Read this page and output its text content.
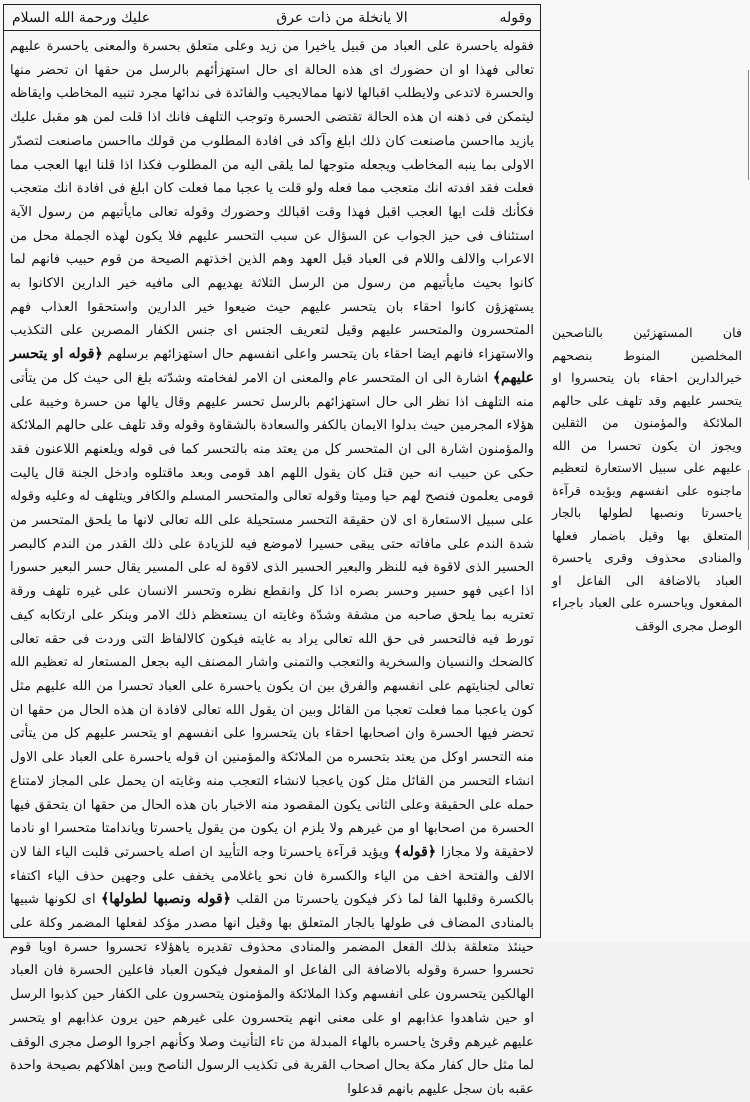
وقوله
الا يانخلة من ذات عرق
عليك ورحمة الله السلام

فقوله ياحسرة على العباد من قبيل ياخيرا من زيد وعلى متعلق بحسرة والمعنى ياحسرة عليهم تعالى فهذا او ان حضورك اى هذه الحالة اى حال استهزأئهم بالرسل من حقها ان تحضر منها والحسرة لاتدعى ولايطلب اقبالها لانها ممالايجيب والفائدة فى ندائها مجرد تنبيه المخاطب وايقاظه ليتمكن فى ذهنه ان هذه الحالة تقتضى الحسرة وتوجب التلهف فانك اذا قلت لمن هو مقبل عليك يازيد مااحسن ماصنعت كان ذلك ابلغ وآكد فى افادة المطلوب من قولك مااحسن ماصنعت لتصدّر الاولى بما ينبه المخاطب ويجعله متوجها لما يلقى اليه من المطلوب فكذا اذا قلنا ايها العجب مما فعلت فقد افدته انك متعجب مما فعله ولو قلت يا عجبا مما فعلت كان ابلغ فى افادة انك متعجب فكأنك قلت ايها العجب اقبل فهذا وقت اقبالك وحضورك وقوله تعالى مايأتيهم من رسول الآية استئناف فى حيز الجواب عن السؤال عن سبب التحسر عليهم فلا يكون لهذه الجملة محل من الاعراب والالف واللام فى العباد قبل العهد وهم الذين اخذتهم الصيحة من قوم حبيب فانهم لما كانوا بحيث مايأتيهم من رسول من الرسل الثلاثة يهديهم الى مافيه خير الدارين الاكانوا به يستهزؤن كانوا احقاء بان يتحسر عليهم حيث ضيعوا خير الدارين واستحقوا العذاب فهم المتحسرون والمتحسر عليهم وقيل لتعريف الجنس اى جنس الكفار المصرين على التكذيب والاستهزاء فانهم ايضا احقاء بان يتحسر واعلى انفسهم حال استهزائهم برسلهم ﴿قوله او يتحسر عليهم﴾ اشارة الى ان المتحسر عام والمعنى ان الامر لفخامته وشدّته بلغ الى حيث كل من يتأتى منه التلهف اذا نظر الى حال استهزائهم بالرسل تحسر عليهم وقال يالها من حسرة وخيبة على هؤلاء المجرمين حيث بدلوا الايمان بالكفر والسعادة بالشقاوة وقوله وقد تلهف على حالهم الملائكة والمؤمنون اشارة الى ان المتحسر كل من يعتد منه بالتحسر كما فى قوله ويلعنهم اللاعنون فقد حكى عن حبيب انه حين قتل كان يقول اللهم اهد قومى وبعد ماقتلوه وادخل الجنة قال ياليت قومى يعلمون فنصح لهم حيا وميتا وقوله تعالى والمتحسر المسلم والكافر ويتلهف له وعليه وقوله على سبيل الاستعارة اى لان حقيقة التحسر مستحيلة على الله تعالى لانها ما يلحق المتحسر من شدة الندم على مافاته حتى يبقى حسيرا لاموضع فيه للزيادة على ذلك القدر من الندم كالبصر الحسير الذى لاقوة فيه للنظر والبعير الحسير الذى لاقوة له على المسير يقال حسر البعير حسورا اذا اعيى فهو حسير وحسر بصره اذا كل وانقطع نظره وتحسر الانسان على غيره تلهف ورقة تعتريه بما يلحق صاحبه من مشقة وشدّة وغايته ان يستعظم ذلك الامر وينكر على ارتكابه كيف تورط فيه فالتحسر فى حق الله تعالى يراد به غايته فيكون كالالفاظ التى وردت فى حقه تعالى كالضحك والنسيان والسخرية والتعجب والتمنى واشار المصنف اليه بجعل المستعار له تعظيم الله تعالى لجنايتهم على انفسهم والفرق بين ان يكون ياحسرة على العباد تحسرا من الله عليهم مثل كون ياعجبا مما فعلت تعجبا من القائل وبين ان يقول الله تعالى لافادة ان هذه الحال من حقها ان تحضر فيها الحسرة وان اصحابها احقاء بان يتحسروا على انفسهم او يتحسر عليهم كل من يتأتى منه التحسر اوكل من يعتد بتحسره من الملائكة والمؤمنين ان قوله ياحسرة على العباد على الاول انشاء التحسر من القائل مثل كون ياعجبا لانشاء التعجب منه وغايته ان يحمل على المجاز لامتناع حمله على الحقيقة وعلى الثانى يكون المقصود منه الاخبار بان هذه الحال من حقها ان يتحقق فيها الحسرة من اصحابها او من غيرهم ولا يلزم ان يكون من يقول ياحسرتا وياندامتا متحسرا او نادما لاحقيقة ولا مجازا ﴿قوله﴾ ويؤيد قرآءة ياحسرتا وجه التأييد ان اصله ياحسرتى قلبت الياء الفا لان الالف والفتحة اخف من الياء والكسرة فان نحو ياغلامى يخفف على وجهين حذف الياء اكتفاء بالكسرة وقلبها الفا لما ذكر فيكون ياحسرتا من القلب ﴿قوله ونصبها لطولها﴾ اى لكونها شبيها بالمنادى المضاف فى طولها بالجار المتعلق بها وقيل انها مصدر مؤكد لفعلها المضمر وكلة على حينئذ متعلقة بذلك الفعل المضمر والمنادى محذوف تقديره ياهؤلاء تحسروا حسرة اويا قوم تحسروا حسرة وقوله بالاضافة الى الفاعل او المفعول فيكون العباد فاعلين الحسرة فان العباد الهالكين يتحسرون على انفسهم وكذا الملائكة والمؤمنون يتحسرون على الكفار حين كذبوا الرسل او حين شاهدوا عذابهم او على معنى انهم يتحسرون على غيرهم حين يرون عذابهم او يتحسر عليهم غيرهم وقرئ ياحسره بالهاء المبدلة من تاء التأنيث وصلا وكأنهم اجروا الوصل مجرى الوقف لما مثل حال كفار مكة بحال اصحاب القرية فى تكذيب الرسول الناصح وبين اهلاكهم بصيحة واحدة عقبه بان سجل عليهم بانهم قدعلوا

فان المستهزئين بالناصحين المخلصين المنوط بنصحهم خيرالدارين احقاء بان يتحسروا او يتحسر عليهم وقد تلهف على حالهم الملائكة والمؤمنون من الثقلين ويجوز ان يكون تحسرا من الله عليهم على سبيل الاستعارة لتعظيم ماجنوه على انفسهم ويؤيده قرآءة ياحسرتا ونصبها لطولها بالجار المتعلق بها وقيل باضمار فعلها والمنادى محذوف وقرى ياحسرة العباد بالاضافة الى الفاعل او المفعول وياحسره على العباد باجراء الوصل مجرى الوقف
